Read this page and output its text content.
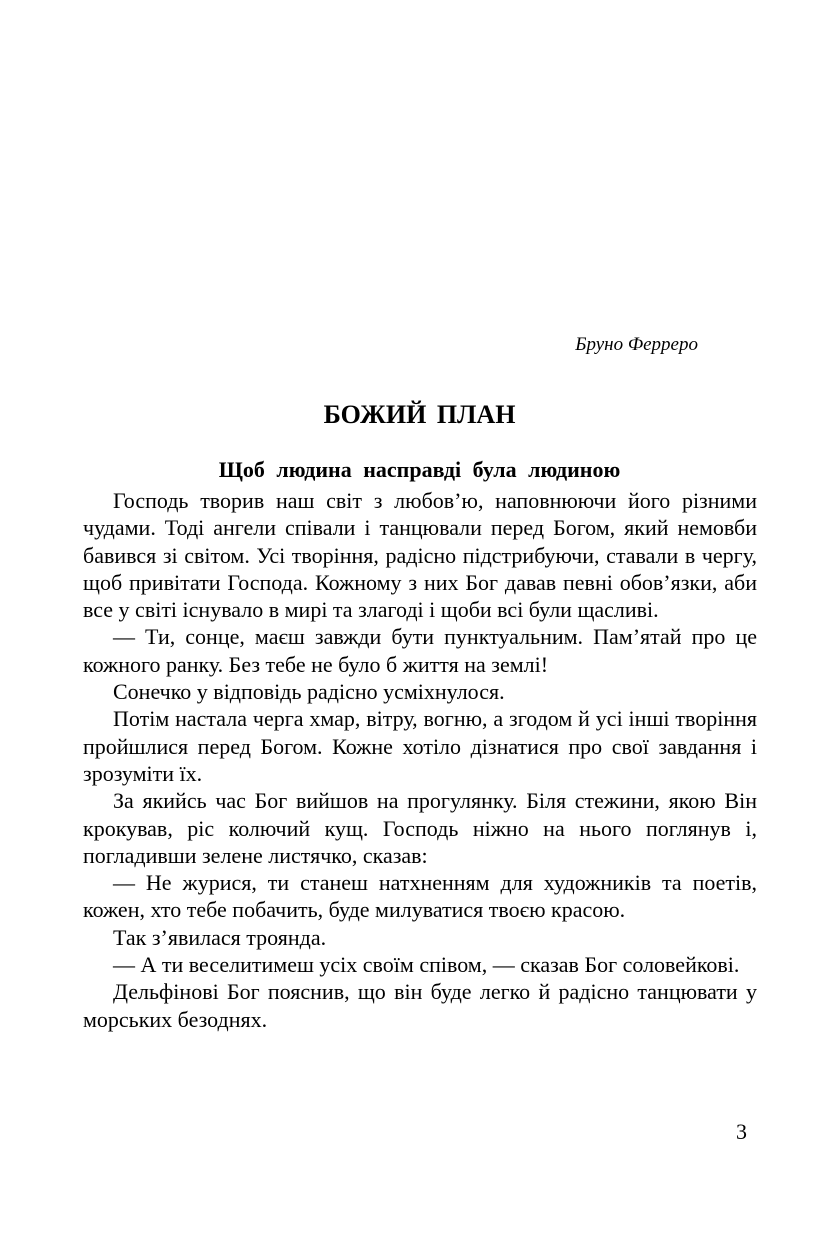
Бруно Ферреро
БОЖИЙ ПЛАН
Щоб людина насправді була людиною

Господь творив наш світ з любов’ю, наповнюючи його різними чудами. Тоді ангели співали і танцювали перед Богом, який немовби бавився зі світом. Усі творіння, радісно підстрибуючи, ставали в чергу, щоб привітати Господа. Кожному з них Бог давав певні обов’язки, аби все у світі існувало в мирі та злагоді і щоби всі були щасливі.

— Ти, сонце, маєш завжди бути пунктуальним. Пам’ятай про це кожного ранку. Без тебе не було б життя на землі!

Сонечко у відповідь радісно усміхнулося.

Потім настала черга хмар, вітру, вогню, а згодом й усі інші творіння пройшлися перед Богом. Кожне хотіло дізнатися про свої завдання і зрозуміти їх.

За якийсь час Бог вийшов на прогулянку. Біля стежини, якою Він крокував, ріс колючий кущ. Господь ніжно на нього поглянув і, погладивши зелене листячко, сказав:

— Не журися, ти станеш натхненням для художників та поетів, кожен, хто тебе побачить, буде милуватися твоєю красою.

Так з’явилася троянда.

— А ти веселитимеш усіх своїм співом, — сказав Бог соловейкові.

Дельфінові Бог пояснив, що він буде легко й радісно танцювати у морських безоднях.

3
